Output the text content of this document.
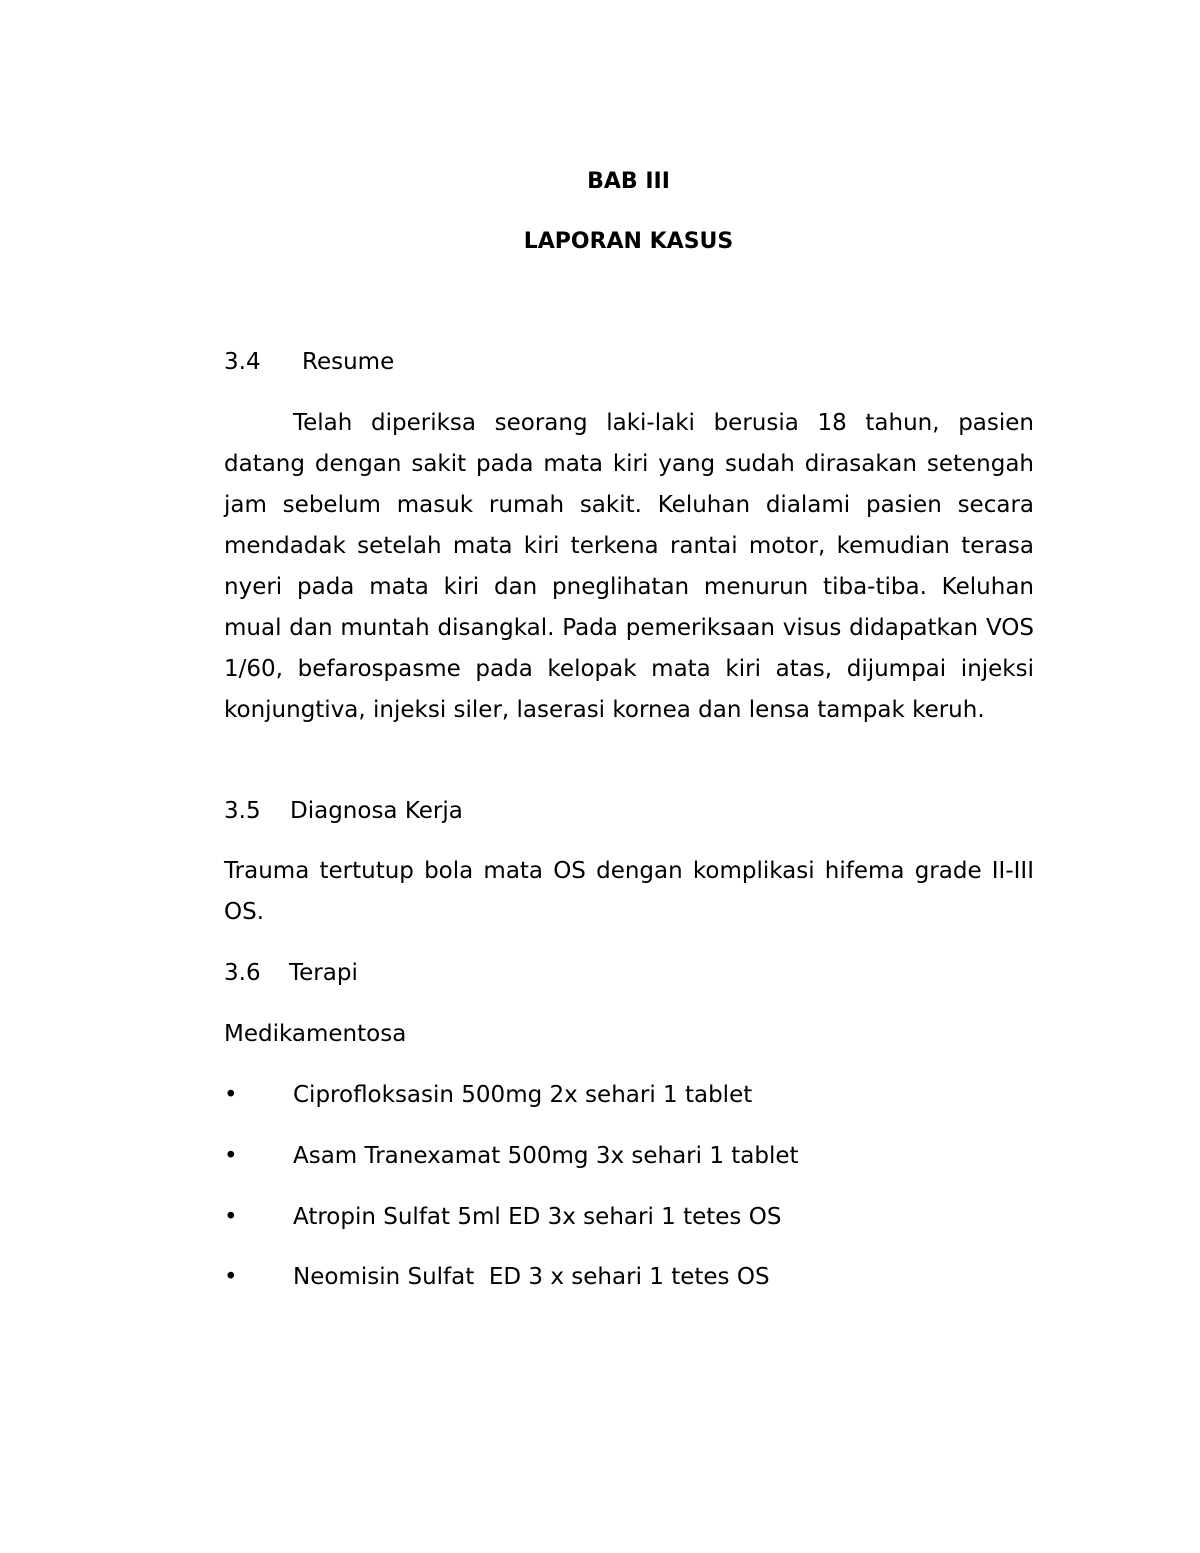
BAB III
LAPORAN KASUS
3.4 Resume

Telah diperiksa seorang laki-laki berusia 18 tahun, pasien datang dengan sakit pada mata kiri yang sudah dirasakan setengah jam sebelum masuk rumah sakit. Keluhan dialami pasien secara mendadak setelah mata kiri terkena rantai motor, kemudian terasa nyeri pada mata kiri dan pneglihatan menurun tiba-tiba. Keluhan mual dan muntah disangkal. Pada pemeriksaan visus didapatkan VOS 1/60, befarospasme pada kelopak mata kiri atas, dijumpai injeksi konjungtiva, injeksi siler, laserasi kornea dan lensa tampak keruh.

3.5 Diagnosa Kerja

Trauma tertutup bola mata OS dengan komplikasi hifema grade II-III OS.

3.6 Terapi
Medikamentosa
• Ciprofloksasin 500mg 2x sehari 1 tablet
• Asam Tranexamat 500mg 3x sehari 1 tablet
• Atropin Sulfat 5ml ED 3x sehari 1 tetes OS
• Neomisin Sulfat  ED 3 x sehari 1 tetes OS
